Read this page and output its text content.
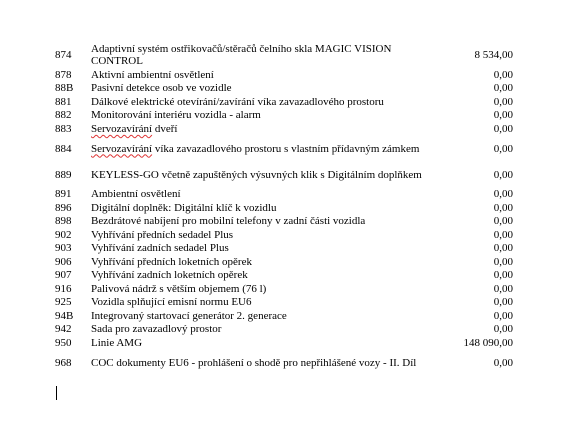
874	Adaptivní systém ostřikovačů/stěračů čelního skla MAGIC VISION CONTROL	8 534,00
878	Aktivní ambientní osvětlení	0,00
88B	Pasivní detekce osob ve vozidle	0,00
881	Dálkové elektrické otevírání/zavírání víka zavazadlového prostoru	0,00
882	Monitorování interiéru vozidla - alarm	0,00
883	Servozavírání dveří	0,00
884	Servozavírání víka zavazadlového prostoru s vlastním přídavným zámkem	0,00
889	KEYLESS-GO včetně zapuštěných výsuvných klik s Digitálním doplňkem	0,00
891	Ambientní osvětlení	0,00
896	Digitální doplněk: Digitální klíč k vozidlu	0,00
898	Bezdrátové nabíjení pro mobilní telefony v zadní části vozidla	0,00
902	Vyhřívání předních sedadel Plus	0,00
903	Vyhřívání zadních sedadel Plus	0,00
906	Vyhřívání předních loketních opěrek	0,00
907	Vyhřívání zadních loketních opěrek	0,00
916	Palivová nádrž s větším objemem (76 l)	0,00
925	Vozidla splňující emisní normu EU6	0,00
94B	Integrovaný startovací generátor 2. generace	0,00
942	Sada pro zavazadlový prostor	0,00
950	Linie AMG	148 090,00
968	COC dokumenty EU6 - prohlášení o shodě pro nepřihlášené vozy - II. Díl	0,00
